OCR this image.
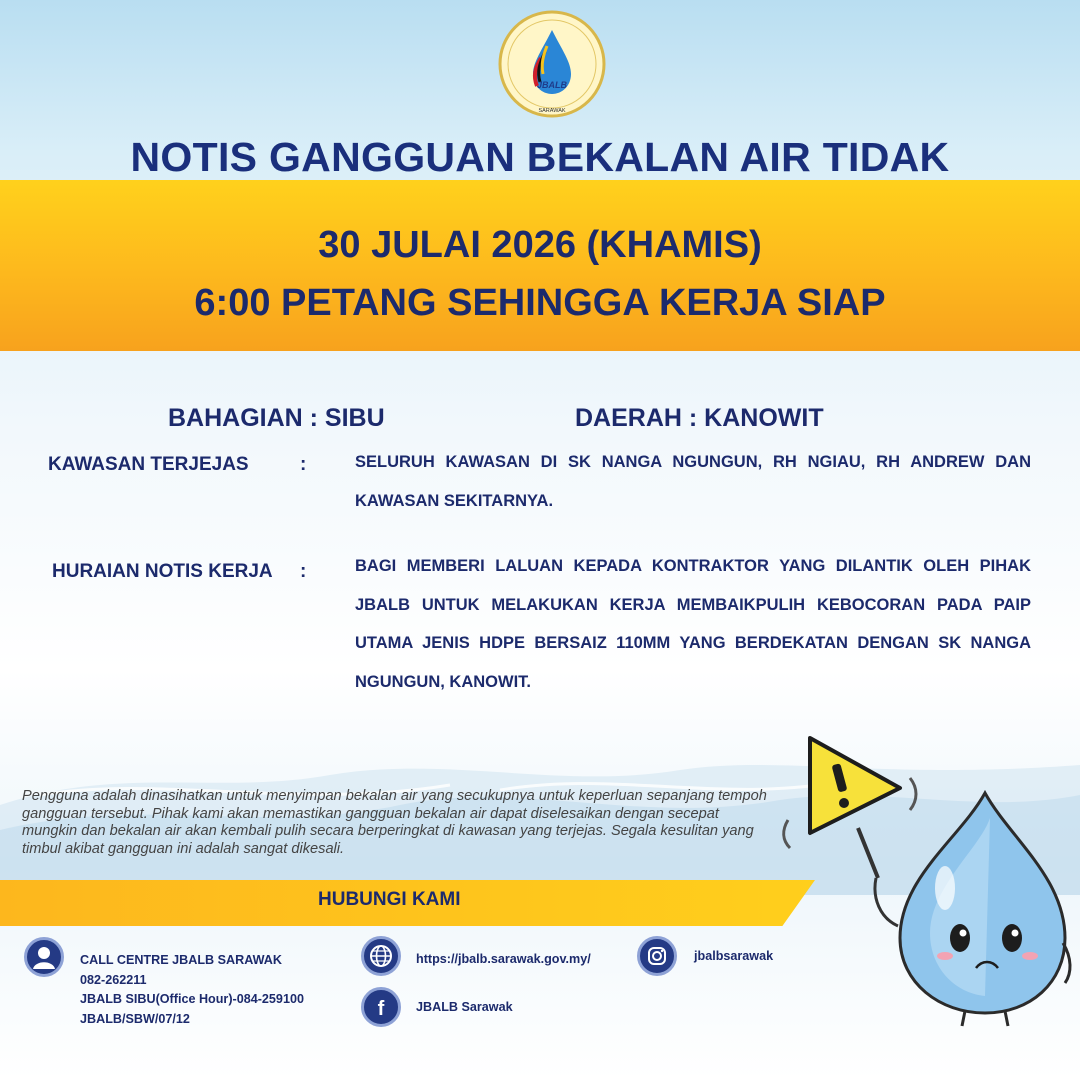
JBALB
SARAWAK
NOTIS GANGGUAN BEKALAN AIR TIDAK
30 JULAI 2026 (KHAMIS)
6:00 PETANG SEHINGGA KERJA SIAP
BAHAGIAN : SIBU	DAERAH : KANOWIT
KAWASAN TERJEJAS	:	SELURUH KAWASAN DI SK NANGA NGUNGUN, RH NGIAU, RH ANDREW DAN KAWASAN SEKITARNYA.
HURAIAN NOTIS KERJA :	BAGI MEMBERI LALUAN KEPADA KONTRAKTOR YANG DILANTIK OLEH PIHAK JBALB UNTUK MELAKUKAN KERJA MEMBAIKPULIH KEBOCORAN PADA PAIP UTAMA JENIS HDPE BERSAIZ 110MM YANG BERDEKATAN DENGAN SK NANGA NGUNGUN, KANOWIT.
Pengguna adalah dinasihatkan untuk menyimpan bekalan air yang secukupnya untuk keperluan sepanjang tempoh gangguan tersebut. Pihak kami akan memastikan gangguan bekalan air dapat diselesaikan dengan secepat mungkin dan bekalan air akan kembali pulih secara berperingkat di kawasan yang terjejas. Segala kesulitan yang timbul akibat gangguan ini adalah sangat dikesali.
HUBUNGI KAMI
CALL CENTRE JBALB SARAWAK
082-262211
JBALB SIBU(Office Hour)-084-259100
JBALB/SBW/07/12
https://jbalb.sarawak.gov.my/
f	JBALB Sarawak
jbalbsarawak
